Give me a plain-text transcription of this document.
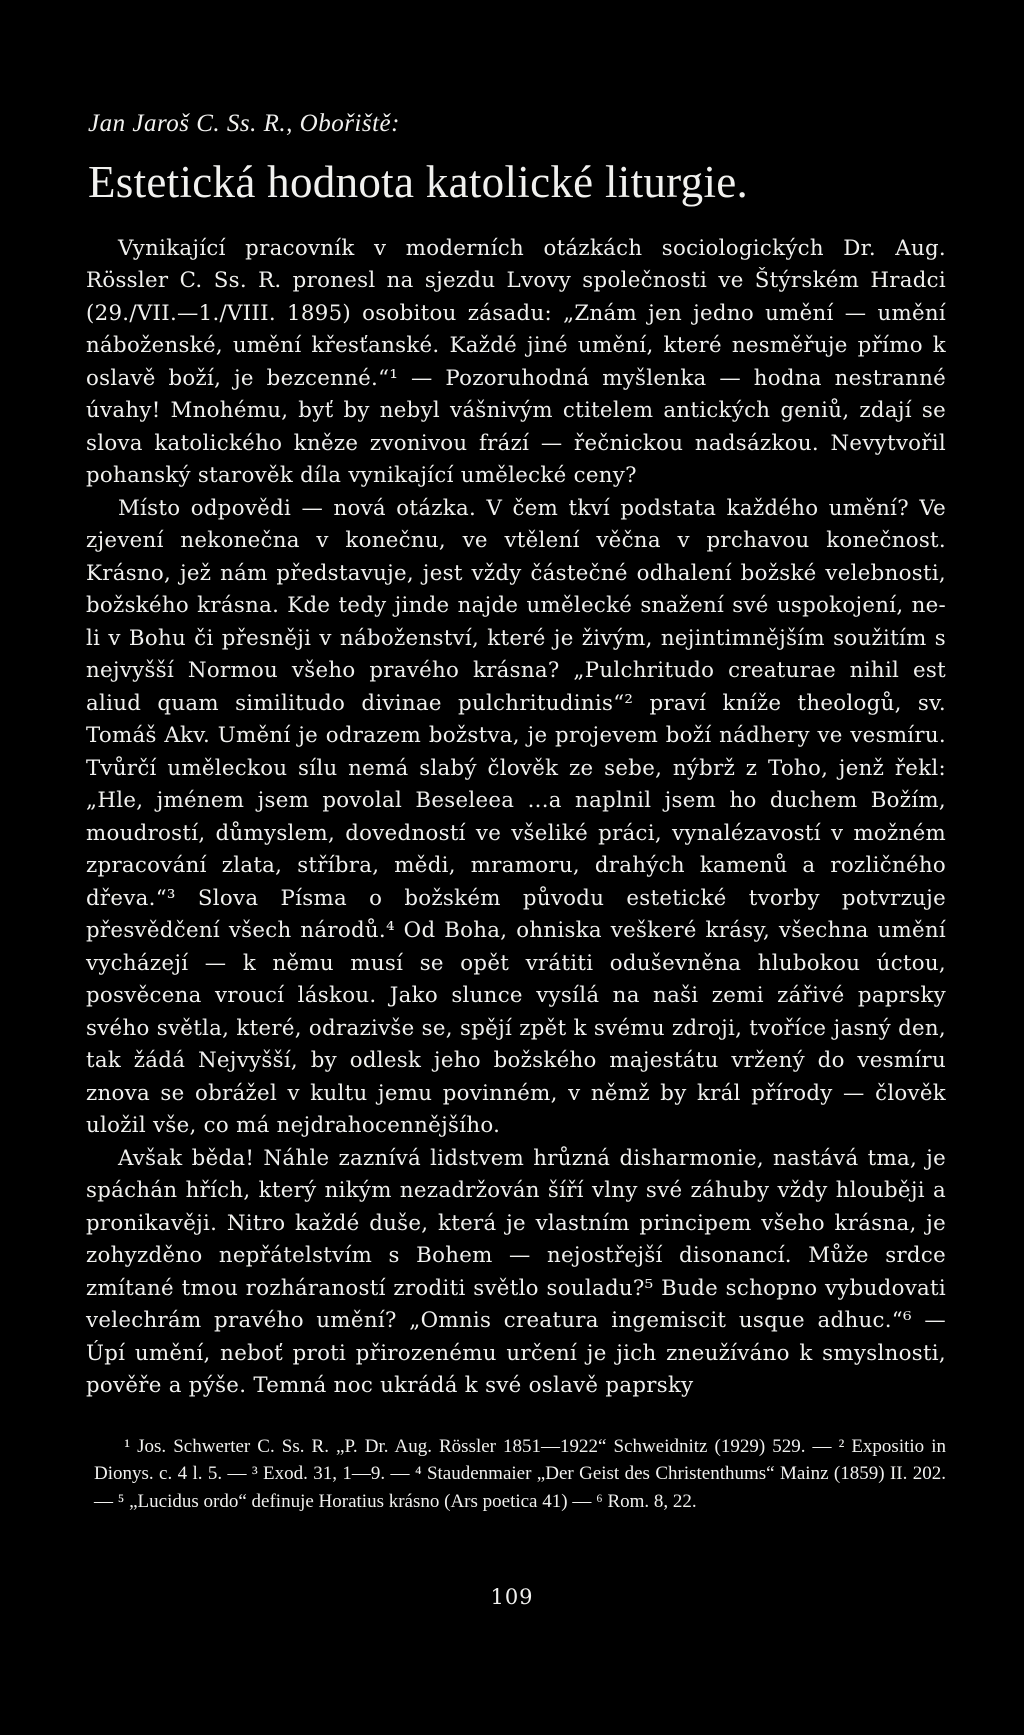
Jan Jaroš C. Ss. R., Obořiště:
Estetická hodnota katolické liturgie.

Vynikající pracovník v moderních otázkách sociologických Dr. Aug. Rössler C. Ss. R. pronesl na sjezdu Lvovy společnosti ve Štýrském Hradci (29./VII.—1./VIII. 1895) osobitou zásadu: „Znám jen jedno umění — umění náboženské, umění křesťanské. Každé jiné umění, které nesměřuje přímo k oslavě boží, je bezcenné.“¹ — Pozoruhodná myšlenka — hodna nestranné úvahy! Mnohému, byť by nebyl vášnivým ctitelem antických geniů, zdají se slova katolického kněze zvonivou frází — řečnickou nadsázkou. Nevytvořil pohanský starověk díla vynikající umělecké ceny?

Místo odpovědi — nová otázka. V čem tkví podstata každého umění? Ve zjevení nekonečna v konečnu, ve vtělení věčna v prchavou konečnost. Krásno, jež nám představuje, jest vždy částečné odhalení božské velebnosti, božského krásna. Kde tedy jinde najde umělecké snažení své uspokojení, ne-li v Bohu či přesněji v náboženství, které je živým, nejintimnějším soužitím s nejvyšší Normou všeho pravého krásna? „Pulchritudo creaturae nihil est aliud quam similitudo divinae pulchritudinis“² praví kníže theologů, sv. Tomáš Akv. Umění je odrazem božstva, je projevem boží nádhery ve vesmíru. Tvůrčí uměleckou sílu nemá slabý člověk ze sebe, nýbrž z Toho, jenž řekl: „Hle, jménem jsem povolal Beseleea ...a naplnil jsem ho duchem Božím, moudrostí, důmyslem, dovedností ve všeliké práci, vynalézavostí v možném zpracování zlata, stříbra, mědi, mramoru, drahých kamenů a rozličného dřeva.“³ Slova Písma o božském původu estetické tvorby potvrzuje přesvědčení všech národů.⁴ Od Boha, ohniska veškeré krásy, všechna umění vycházejí — k němu musí se opět vrátiti oduševněna hlubokou úctou, posvěcena vroucí láskou. Jako slunce vysílá na naši zemi zářivé paprsky svého světla, které, odrazivše se, spějí zpět k svému zdroji, tvoříce jasný den, tak žádá Nejvyšší, by odlesk jeho božského majestátu vržený do vesmíru znova se obrážel v kultu jemu povinném, v němž by král přírody — člověk uložil vše, co má nejdrahocennějšího.

Avšak běda! Náhle zaznívá lidstvem hrůzná disharmonie, nastává tma, je spáchán hřích, který nikým nezadržován šíří vlny své záhuby vždy hlouběji a pronikavěji. Nitro každé duše, která je vlastním principem všeho krásna, je zohyzděno nepřátelstvím s Bohem — nejostřejší disonancí. Může srdce zmítané tmou rozháraností zroditi světlo souladu?⁵ Bude schopno vybudovati velechrám pravého umění? „Omnis creatura ingemiscit usque adhuc.“⁶ — Úpí umění, neboť proti přirozenému určení je jich zneužíváno k smyslnosti, pověře a pýše. Temná noc ukrádá k své oslavě paprsky

¹ Jos. Schwerter C. Ss. R. „P. Dr. Aug. Rössler 1851—1922“ Schweidnitz (1929) 529. — ² Expositio in Dionys. c. 4 l. 5. — ³ Exod. 31, 1—9. — ⁴ Staudenmaier „Der Geist des Christenthums“ Mainz (1859) II. 202. — ⁵ „Lucidus ordo“ definuje Horatius krásno (Ars poetica 41) — ⁶ Rom. 8, 22.

109
